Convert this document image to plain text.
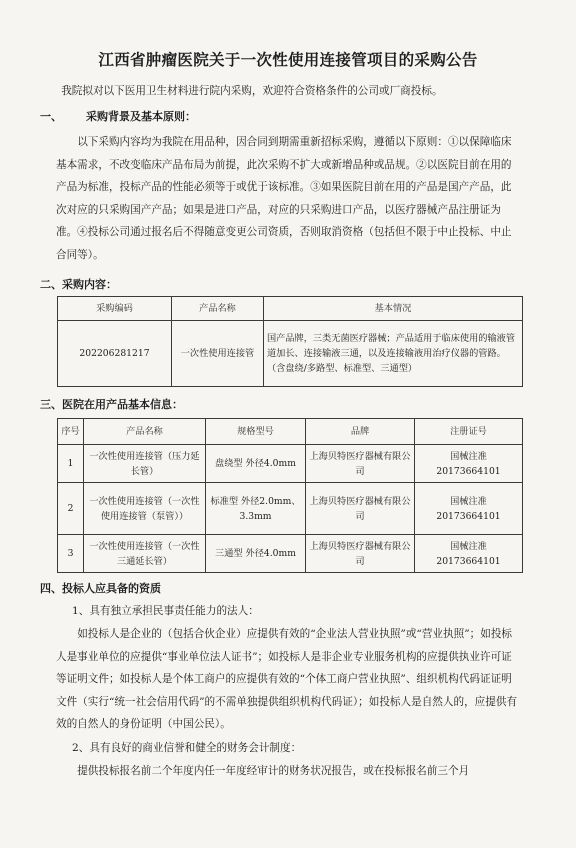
江西省肿瘤医院关于一次性使用连接管项目的采购公告
我院拟对以下医用卫生材料进行院内采购，欢迎符合资格条件的公司或厂商投标。
一、 采购背景及基本原则：
以下采购内容均为我院在用品种，因合同到期需重新招标采购，遵循以下原则：①以保障临床基本需求，不改变临床产品布局为前提，此次采购不扩大或新增品种或品规。②以医院目前在用的产品为标准，投标产品的性能必须等于或优于该标准。③如果医院目前在用的产品是国产产品，此次对应的只采购国产产品；如果是进口产品，对应的只采购进口产品，以医疗器械产品注册证为准。④投标公司通过报名后不得随意变更公司资质，否则取消资格（包括但不限于中止投标、中止合同等）。
二、采购内容：
采购编码	产品名称	基本情况
202206281217	一次性使用连接管	国产品牌，三类无菌医疗器械；产品适用于临床使用的输液管道加长、连接输液三通，以及连接输液用治疗仪器的管路。（含盘绕/多路型、标准型、三通型）
三、医院在用产品基本信息：
序号	产品名称	规格型号	品牌	注册证号
1	一次性使用连接管（压力延长管）	盘绕型 外径4.0mm	上海贝特医疗器械有限公司	国械注准 20173664101
2	一次性使用连接管（一次性使用连接管（泵管））	标准型 外径2.0mm、3.3mm	上海贝特医疗器械有限公司	国械注准 20173664101
3	一次性使用连接管（一次性三通延长管）	三通型 外径4.0mm	上海贝特医疗器械有限公司	国械注准 20173664101
四、投标人应具备的资质
1、具有独立承担民事责任能力的法人：
如投标人是企业的（包括合伙企业）应提供有效的“企业法人营业执照”或“营业执照”；如投标人是事业单位的应提供“事业单位法人证书”；如投标人是非企业专业服务机构的应提供执业许可证等证明文件；如投标人是个体工商户的应提供有效的“个体工商户营业执照”、组织机构代码证证明文件（实行“统一社会信用代码”的不需单独提供组织机构代码证）；如投标人是自然人的，应提供有效的自然人的身份证明（中国公民）。
2、具有良好的商业信誉和健全的财务会计制度：
提供投标报名前二个年度内任一年度经审计的财务状况报告，或在投标报名前三个月
